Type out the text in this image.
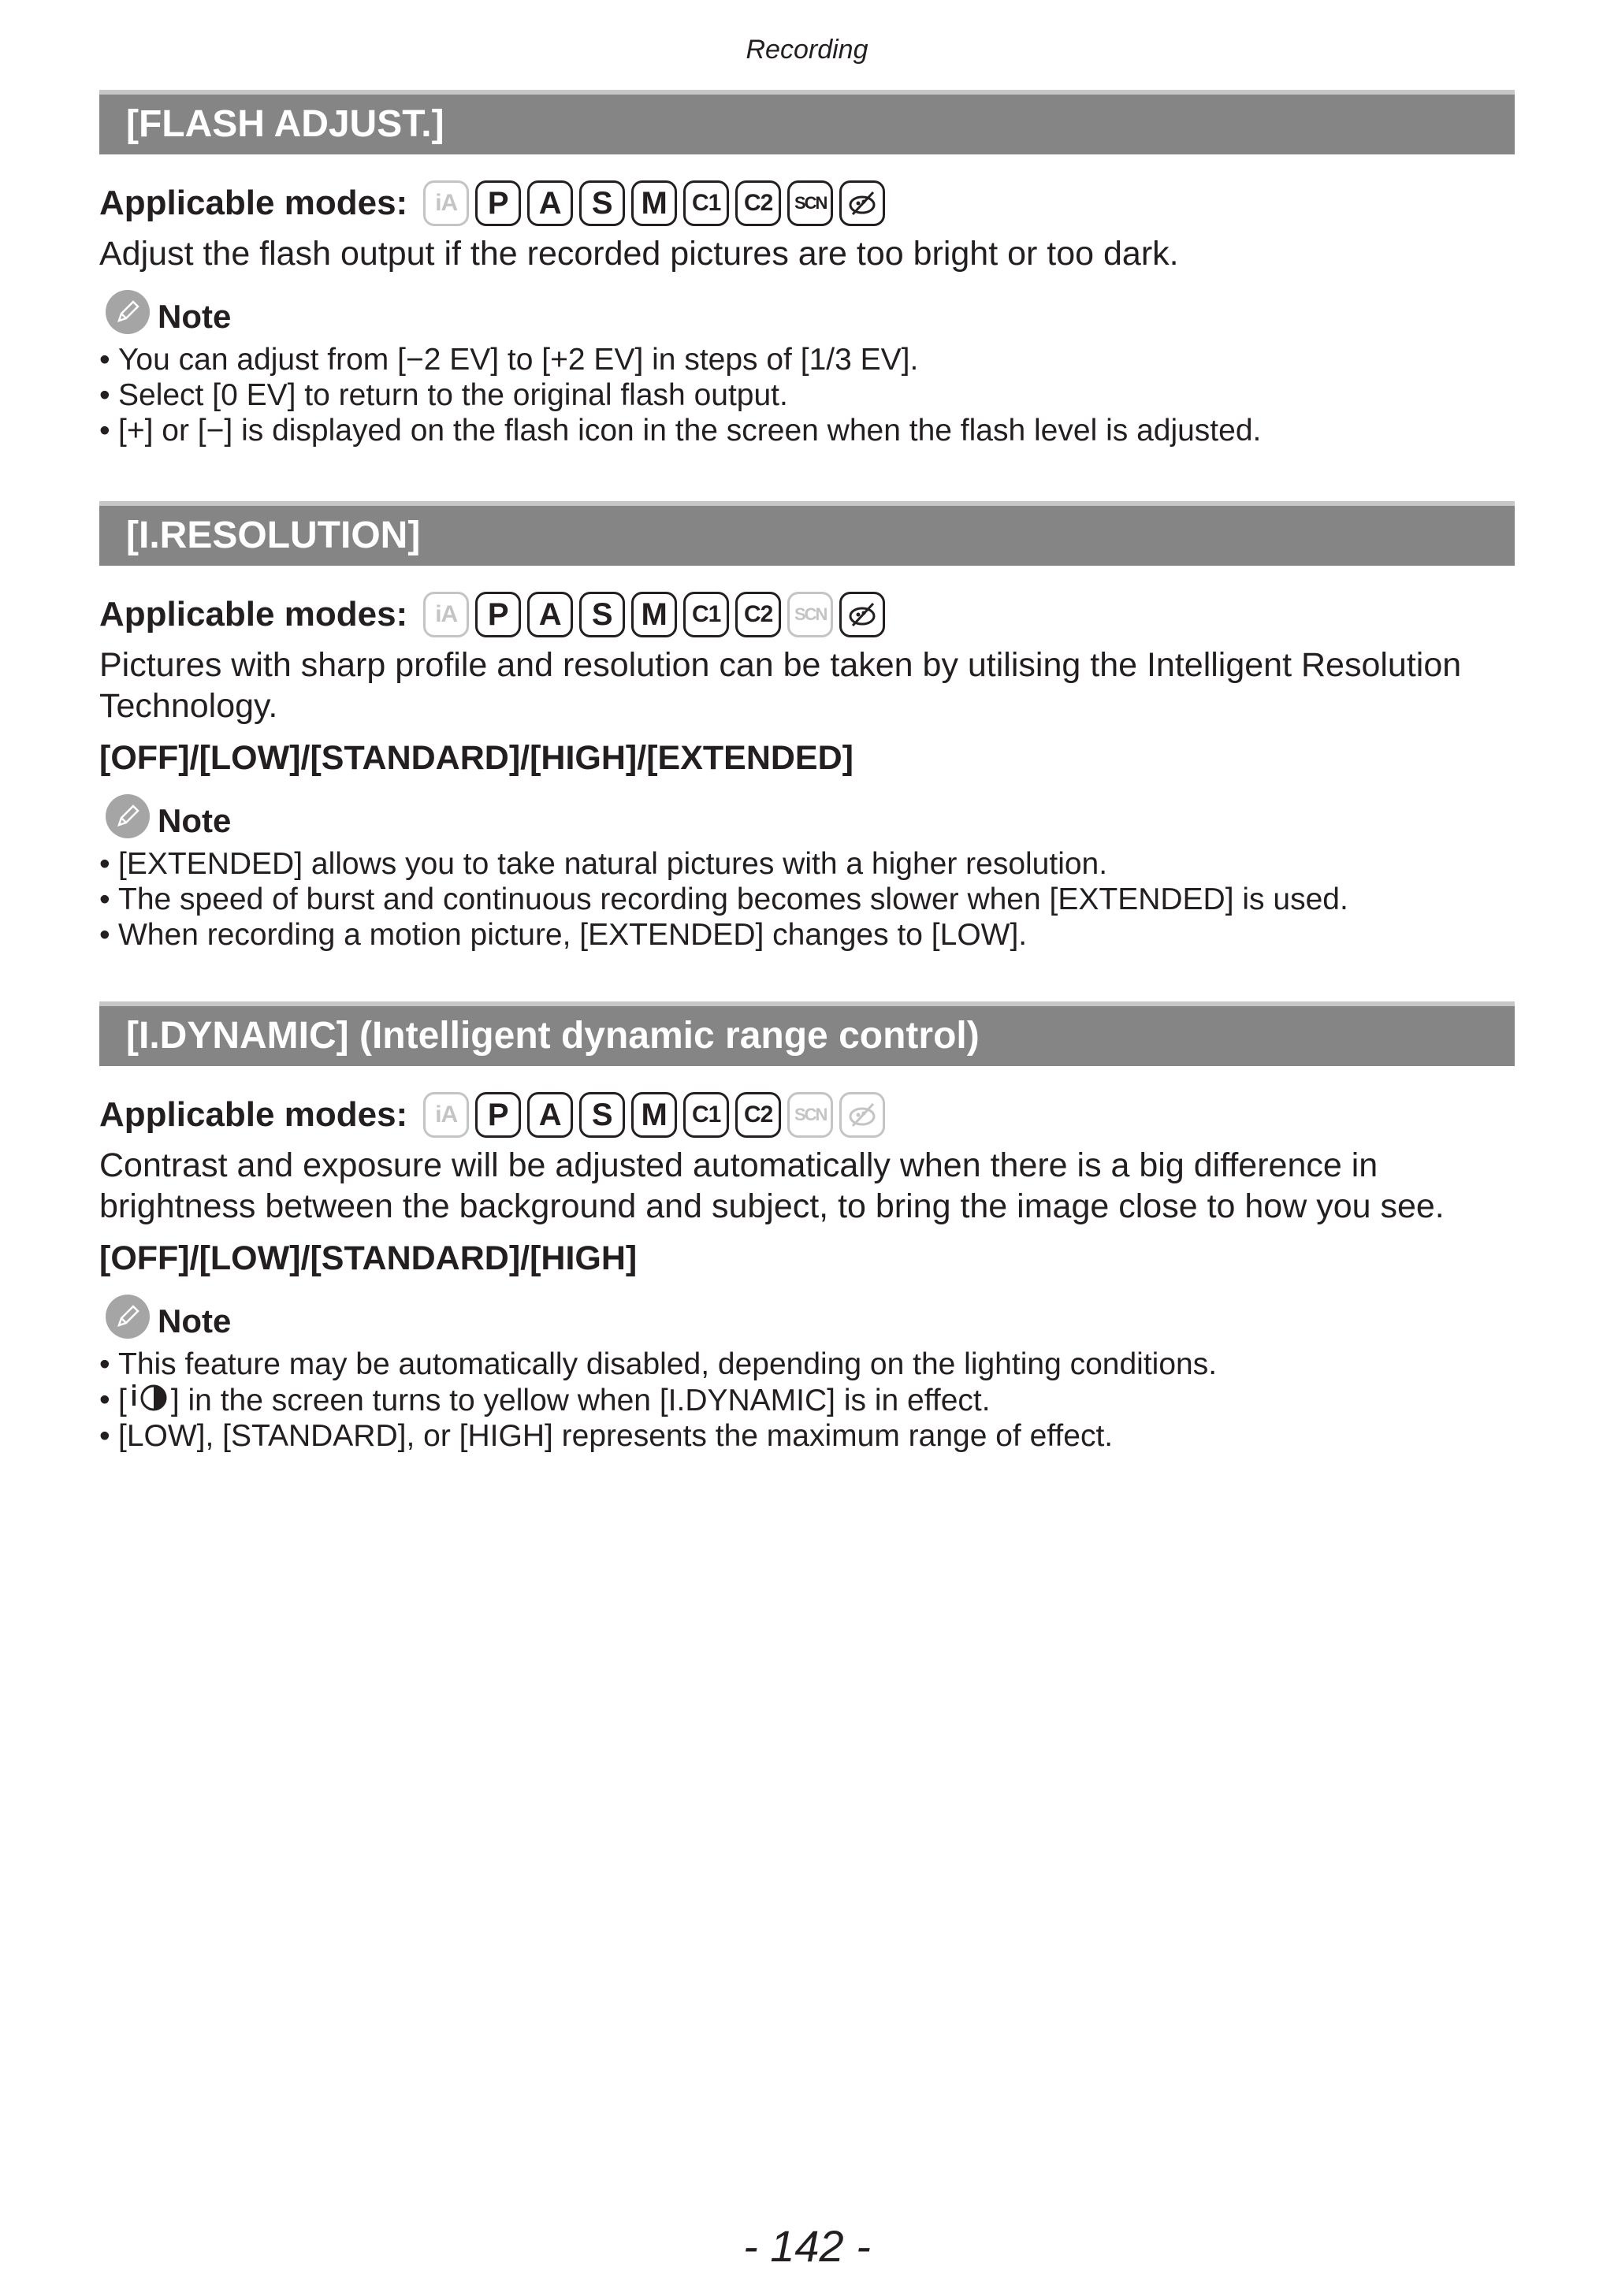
Recording
[FLASH ADJUST.]
Applicable modes:	iA P A S M	C1 C2	SCN
Adjust the flash output if the recorded pictures are too bright or too dark.
Note
• You can adjust from [−2 EV] to [+2 EV] in steps of [1/3 EV].
• Select [0 EV] to return to the original flash output.
• [+] or [−] is displayed on the flash icon in the screen when the flash level is adjusted.
[I.RESOLUTION]
Applicable modes:	iA P A S M	C1 C2	SCN
Pictures with sharp profile and resolution can be taken by utilising the Intelligent Resolution Technology.
[OFF]/[LOW]/[STANDARD]/[HIGH]/[EXTENDED]
Note
• [EXTENDED] allows you to take natural pictures with a higher resolution.
• The speed of burst and continuous recording becomes slower when [EXTENDED] is used.
• When recording a motion picture, [EXTENDED] changes to [LOW].
[I.DYNAMIC] (Intelligent dynamic range control)
Applicable modes:	iA P A S M	C1 C2	SCN
Contrast and exposure will be adjusted automatically when there is a big difference in brightness between the background and subject, to bring the image close to how you see.
[OFF]/[LOW]/[STANDARD]/[HIGH]
Note
• This feature may be automatically disabled, depending on the lighting conditions.
• [ ] in the screen turns to yellow when [I.DYNAMIC] is in effect.
• [LOW], [STANDARD], or [HIGH] represents the maximum range of effect.
- 142 -
